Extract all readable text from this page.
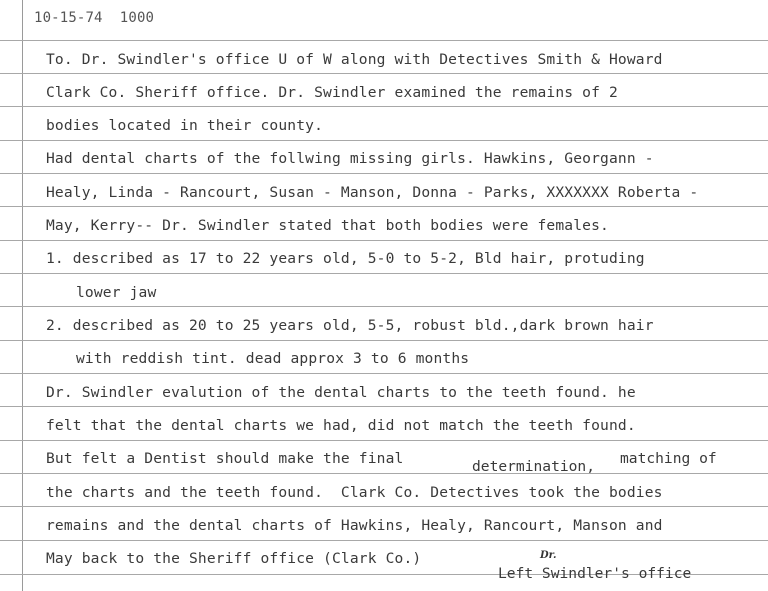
10-15-74  1000
To. Dr. Swindler's office U of W along with Detectives Smith & Howard
Clark Co. Sheriff office. Dr. Swindler examined the remains of 2
bodies located in their county.
Had dental charts of the follwing missing girls. Hawkins, Georgann -
Healy, Linda - Rancourt, Susan - Manson, Donna - Parks, XXXXXXX Roberta -
May, Kerry-- Dr. Swindler stated that both bodies were females.
1. described as 17 to 22 years old, 5-0 to 5-2, Bld hair, protuding
lower jaw
2. described as 20 to 25 years old, 5-5, robust bld.,dark brown hair
with reddish tint. dead approx 3 to 6 months
Dr. Swindler evalution of the dental charts to the teeth found. he
felt that the dental charts we had, did not match the teeth found.
But felt a Dentist should make the final	determination, matching of
the charts and the teeth found.  Clark Co. Detectives took the bodies
remains and the dental charts of Hawkins, Healy, Rancourt, Manson and
May back to the Sheriff office (Clark Co.)
Left Swindler's office
Dr.
